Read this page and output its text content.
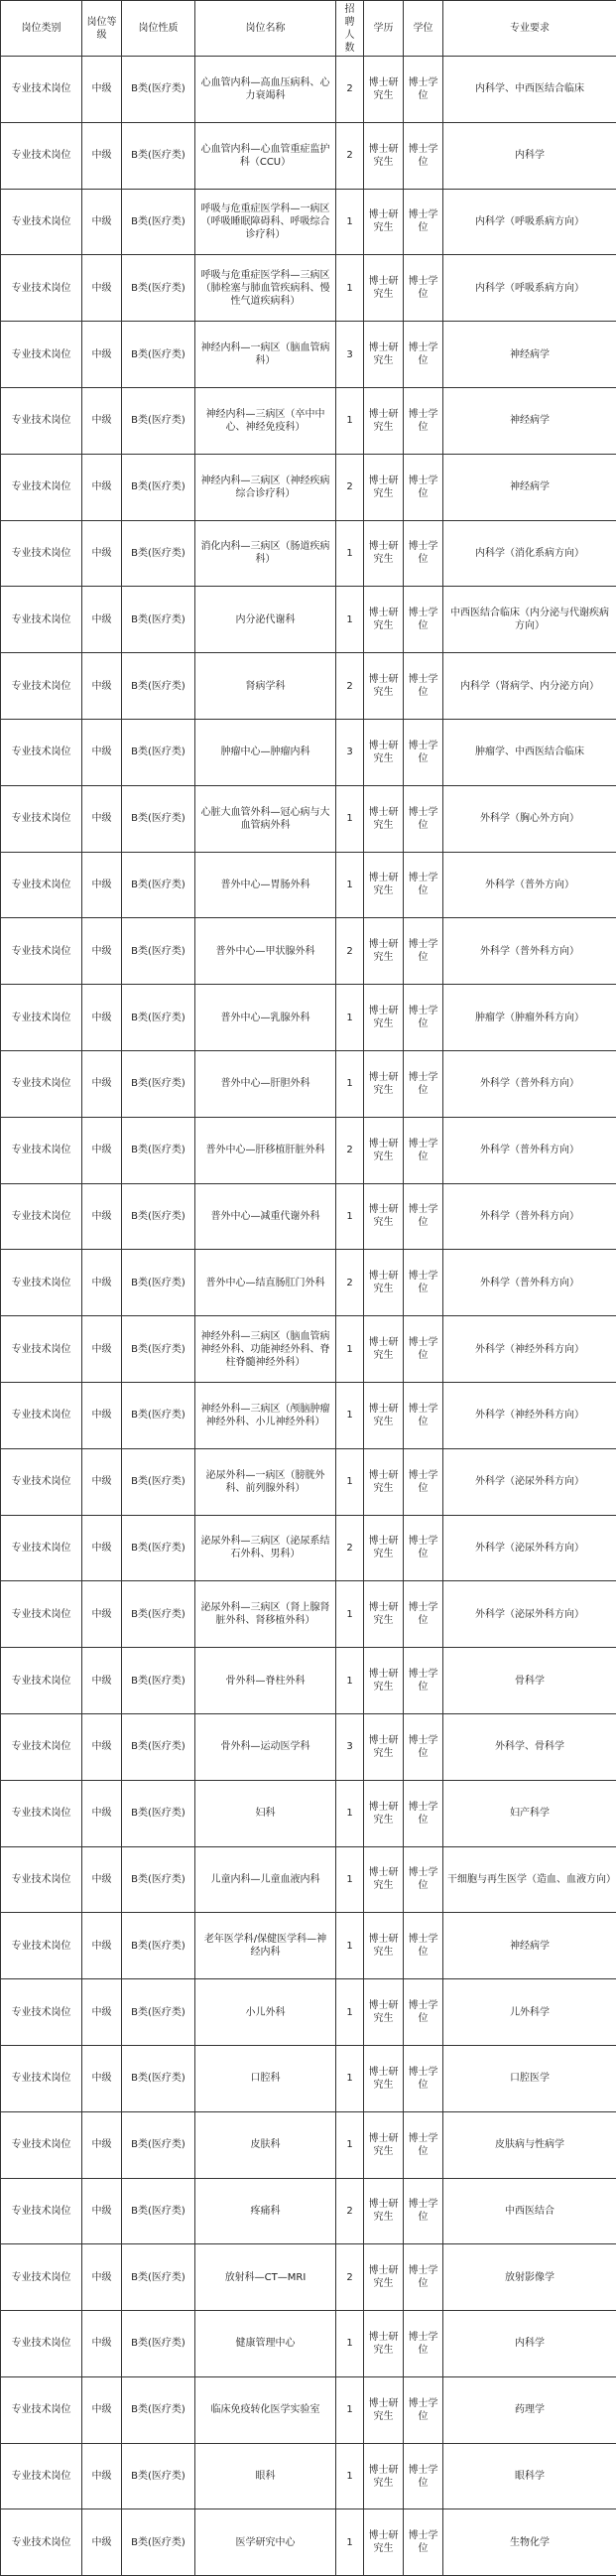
岗位类别	岗位等级	岗位性质	岗位名称	招聘人数	学历	学位	专业要求
专业技术岗位	中级	B类(医疗类)	心血管内科—高血压病科、心力衰竭科	2	博士研究生	博士学位	内科学、中西医结合临床
专业技术岗位	中级	B类(医疗类)	心血管内科—心血管重症监护科（CCU）	2	博士研究生	博士学位	内科学
专业技术岗位	中级	B类(医疗类)	呼吸与危重症医学科—一病区（呼吸睡眠障碍科、呼吸综合诊疗科）	1	博士研究生	博士学位	内科学（呼吸系病方向）
专业技术岗位	中级	B类(医疗类)	呼吸与危重症医学科—三病区（肺栓塞与肺血管疾病科、慢性气道疾病科）	1	博士研究生	博士学位	内科学（呼吸系病方向）
专业技术岗位	中级	B类(医疗类)	神经内科—一病区（脑血管病科）	3	博士研究生	博士学位	神经病学
专业技术岗位	中级	B类(医疗类)	神经内科—三病区（卒中中心、神经免疫科）	1	博士研究生	博士学位	神经病学
专业技术岗位	中级	B类(医疗类)	神经内科—三病区（神经疾病综合诊疗科）	2	博士研究生	博士学位	神经病学
专业技术岗位	中级	B类(医疗类)	消化内科—三病区（肠道疾病科）	1	博士研究生	博士学位	内科学（消化系病方向）
专业技术岗位	中级	B类(医疗类)	内分泌代谢科	1	博士研究生	博士学位	中西医结合临床（内分泌与代谢疾病方向）
专业技术岗位	中级	B类(医疗类)	肾病学科	2	博士研究生	博士学位	内科学（肾病学、内分泌方向）
专业技术岗位	中级	B类(医疗类)	肿瘤中心—肿瘤内科	3	博士研究生	博士学位	肿瘤学、中西医结合临床
专业技术岗位	中级	B类(医疗类)	心脏大血管外科—冠心病与大血管病外科	1	博士研究生	博士学位	外科学（胸心外方向）
专业技术岗位	中级	B类(医疗类)	普外中心—胃肠外科	1	博士研究生	博士学位	外科学（普外方向）
专业技术岗位	中级	B类(医疗类)	普外中心—甲状腺外科	2	博士研究生	博士学位	外科学（普外科方向）
专业技术岗位	中级	B类(医疗类)	普外中心—乳腺外科	1	博士研究生	博士学位	肿瘤学（肿瘤外科方向）
专业技术岗位	中级	B类(医疗类)	普外中心—肝胆外科	1	博士研究生	博士学位	外科学（普外科方向）
专业技术岗位	中级	B类(医疗类)	普外中心—肝移植肝脏外科	2	博士研究生	博士学位	外科学（普外科方向）
专业技术岗位	中级	B类(医疗类)	普外中心—减重代谢外科	1	博士研究生	博士学位	外科学（普外科方向）
专业技术岗位	中级	B类(医疗类)	普外中心—结直肠肛门外科	2	博士研究生	博士学位	外科学（普外科方向）
专业技术岗位	中级	B类(医疗类)	神经外科—三病区（脑血管病神经外科、功能神经外科、脊柱脊髓神经外科）	1	博士研究生	博士学位	外科学（神经外科方向）
专业技术岗位	中级	B类(医疗类)	神经外科—三病区（颅脑肿瘤神经外科、小儿神经外科）	1	博士研究生	博士学位	外科学（神经外科方向）
专业技术岗位	中级	B类(医疗类)	泌尿外科—一病区（膀胱外科、前列腺外科）	1	博士研究生	博士学位	外科学（泌尿外科方向）
专业技术岗位	中级	B类(医疗类)	泌尿外科—三病区（泌尿系结石外科、男科）	2	博士研究生	博士学位	外科学（泌尿外科方向）
专业技术岗位	中级	B类(医疗类)	泌尿外科—三病区（肾上腺肾脏外科、肾移植外科）	1	博士研究生	博士学位	外科学（泌尿外科方向）
专业技术岗位	中级	B类(医疗类)	骨外科—脊柱外科	1	博士研究生	博士学位	骨科学
专业技术岗位	中级	B类(医疗类)	骨外科—运动医学科	3	博士研究生	博士学位	外科学、骨科学
专业技术岗位	中级	B类(医疗类)	妇科	1	博士研究生	博士学位	妇产科学
专业技术岗位	中级	B类(医疗类)	儿童内科—儿童血液内科	1	博士研究生	博士学位	干细胞与再生医学（造血、血液方向）
专业技术岗位	中级	B类(医疗类)	老年医学科/保健医学科—神经内科	1	博士研究生	博士学位	神经病学
专业技术岗位	中级	B类(医疗类)	小儿外科	1	博士研究生	博士学位	儿外科学
专业技术岗位	中级	B类(医疗类)	口腔科	1	博士研究生	博士学位	口腔医学
专业技术岗位	中级	B类(医疗类)	皮肤科	1	博士研究生	博士学位	皮肤病与性病学
专业技术岗位	中级	B类(医疗类)	疼痛科	2	博士研究生	博士学位	中西医结合
专业技术岗位	中级	B类(医疗类)	放射科—CT—MRI	2	博士研究生	博士学位	放射影像学
专业技术岗位	中级	B类(医疗类)	健康管理中心	1	博士研究生	博士学位	内科学
专业技术岗位	中级	B类(医疗类)	临床免疫转化医学实验室	1	博士研究生	博士学位	药理学
专业技术岗位	中级	B类(医疗类)	眼科	1	博士研究生	博士学位	眼科学
专业技术岗位	中级	B类(医疗类)	医学研究中心	1	博士研究生	博士学位	生物化学
